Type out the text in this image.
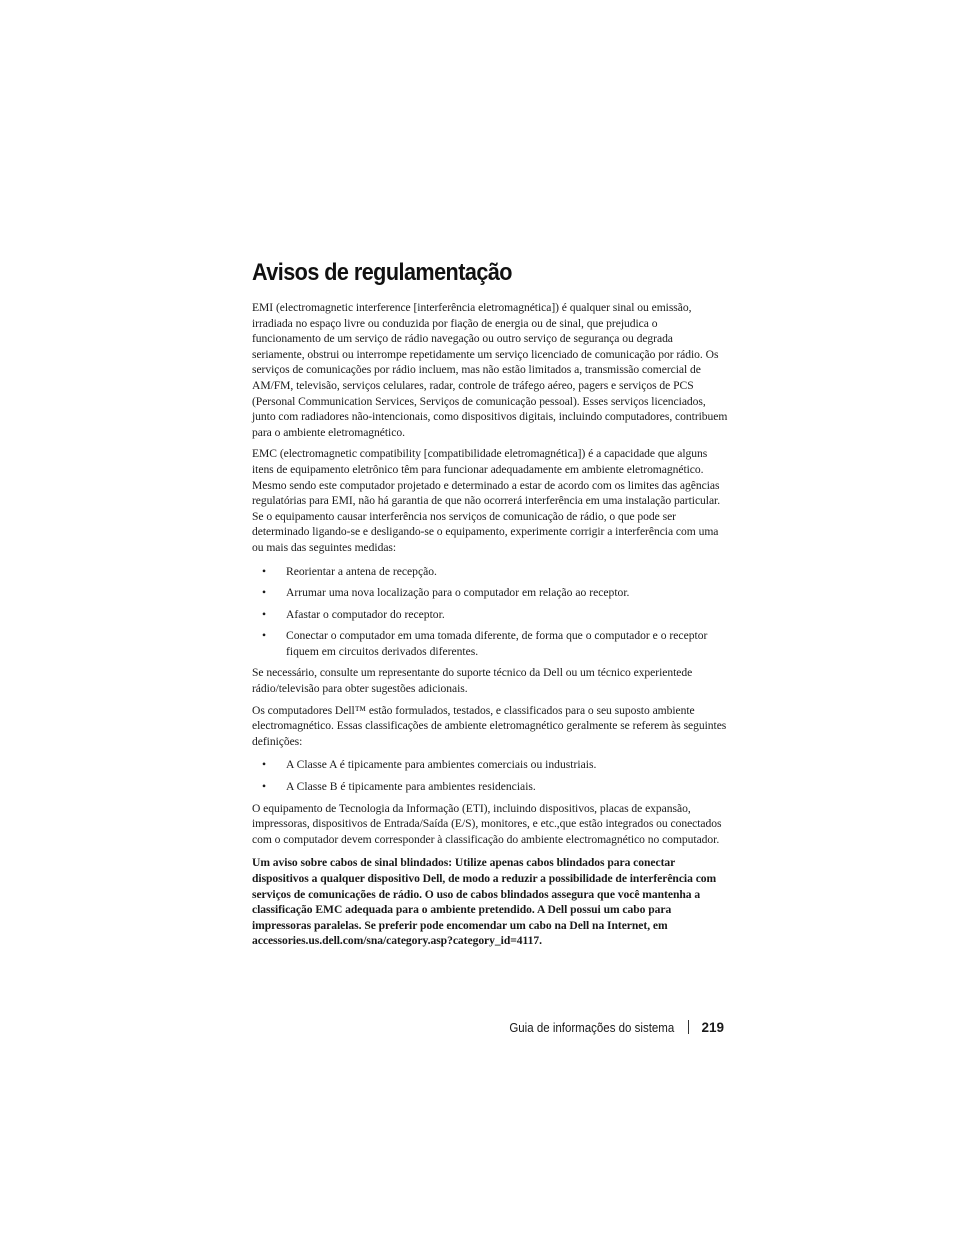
Avisos de regulamentação

EMI (electromagnetic interference [interferência eletromagnética]) é qualquer sinal ou emissão, irradiada no espaço livre ou conduzida por fiação de energia ou de sinal, que prejudica o funcionamento de um serviço de rádio navegação ou outro serviço de segurança ou degrada seriamente, obstrui ou interrompe repetidamente um serviço licenciado de comunicação por rádio. Os serviços de comunicações por rádio incluem, mas não estão limitados a, transmissão comercial de AM/FM, televisão, serviços celulares, radar, controle de tráfego aéreo, pagers e serviços de PCS (Personal Communication Services, Serviços de comunicação pessoal). Esses serviços licenciados, junto com radiadores não-intencionais, como dispositivos digitais, incluindo computadores, contribuem para o ambiente eletromagnético.

EMC (electromagnetic compatibility [compatibilidade eletromagnética]) é a capacidade que alguns itens de equipamento eletrônico têm para funcionar adequadamente em ambiente eletromagnético. Mesmo sendo este computador projetado e determinado a estar de acordo com os limites das agências regulatórias para EMI, não há garantia de que não ocorrerá interferência em uma instalação particular. Se o equipamento causar interferência nos serviços de comunicação de rádio, o que pode ser determinado ligando-se e desligando-se o equipamento, experimente corrigir a interferência com uma ou mais das seguintes medidas:

• Reorientar a antena de recepção.
• Arrumar uma nova localização para o computador em relação ao receptor.
• Afastar o computador do receptor.
• Conectar o computador em uma tomada diferente, de forma que o computador e o receptor fiquem em circuitos derivados diferentes.

Se necessário, consulte um representante do suporte técnico da Dell ou um técnico experientede rádio/televisão para obter sugestões adicionais.

Os computadores Dell™ estão formulados, testados, e classificados para o seu suposto ambiente electromagnético. Essas classificações de ambiente eletromagnético geralmente se referem às seguintes definições:

• A Classe A é tipicamente para ambientes comerciais ou industriais.
• A Classe B é tipicamente para ambientes residenciais.

O equipamento de Tecnologia da Informação (ETI), incluindo dispositivos, placas de expansão, impressoras, dispositivos de Entrada/Saída (E/S), monitores, e etc.,que estão integrados ou conectados com o computador devem corresponder à classificação do ambiente electromagnético no computador.

Um aviso sobre cabos de sinal blindados: Utilize apenas cabos blindados para conectar dispositivos a qualquer dispositivo Dell, de modo a reduzir a possibilidade de interferência com serviços de comunicações de rádio. O uso de cabos blindados assegura que você mantenha a classificação EMC adequada para o ambiente pretendido. A Dell possui um cabo para impressoras paralelas. Se preferir pode encomendar um cabo na Dell na Internet, em accessories.us.dell.com/sna/category.asp?category_id=4117.

Guia de informações do sistema 219
